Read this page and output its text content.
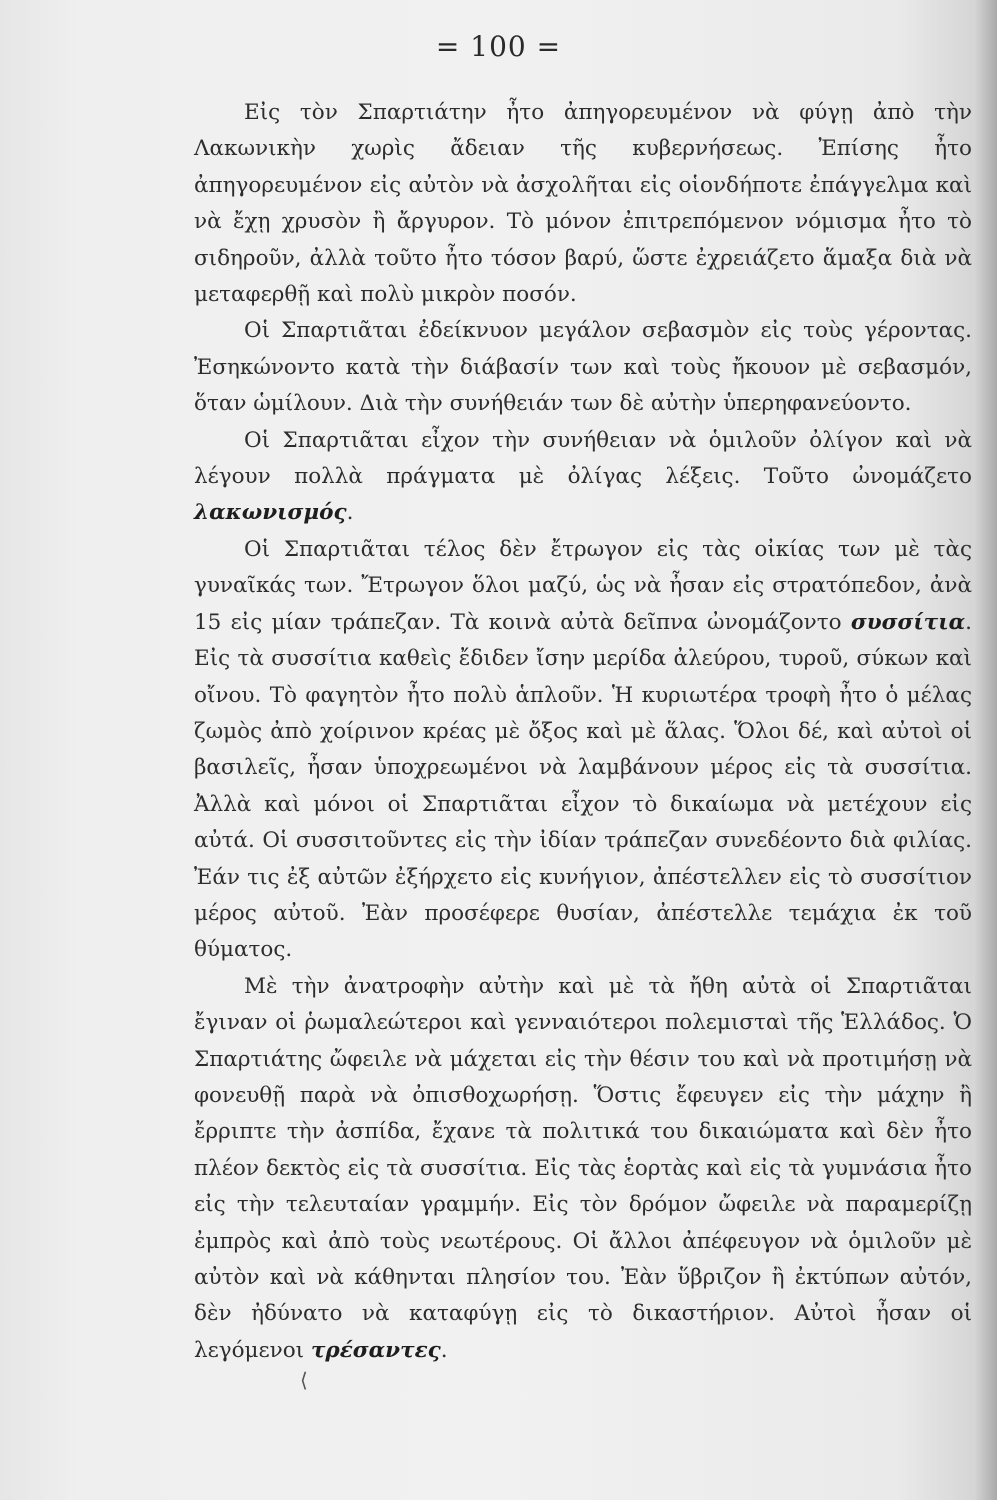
= 100 =

Εἰς τὸν Σπαρτιάτην ἦτο ἀπηγορευμένον νὰ φύγῃ ἀπὸ τὴν Λακωνικὴν χωρὶς ἄδειαν τῆς κυβερνήσεως. Ἐπίσης ἦτο ἀπηγορευμένον εἰς αὐτὸν νὰ ἀσχολῆται εἰς οἱονδήποτε ἐπάγγελμα καὶ νὰ ἔχῃ χρυσὸν ἢ ἄργυρον. Τὸ μόνον ἐπιτρεπόμενον νόμισμα ἦτο τὸ σιδηροῦν, ἀλλὰ τοῦτο ἦτο τόσον βαρύ, ὥστε ἐχρειάζετο ἅμαξα διὰ νὰ μεταφερθῇ καὶ πολὺ μικρὸν ποσόν.

Οἱ Σπαρτιᾶται ἐδείκνυον μεγάλον σεβασμὸν εἰς τοὺς γέροντας. Ἐσηκώνοντο κατὰ τὴν διάβασίν των καὶ τοὺς ἤκουον μὲ σεβασμόν, ὅταν ὡμίλουν. Διὰ τὴν συνήθειάν των δὲ αὐτὴν ὑπερηφανεύοντο.

Οἱ Σπαρτιᾶται εἶχον τὴν συνήθειαν νὰ ὁμιλοῦν ὀλίγον καὶ νὰ λέγουν πολλὰ πράγματα μὲ ὀλίγας λέξεις. Τοῦτο ὠνομάζετο λακωνισμός.

Οἱ Σπαρτιᾶται τέλος δὲν ἔτρωγον εἰς τὰς οἰκίας των μὲ τὰς γυναῖκάς των. Ἔτρωγον ὅλοι μαζύ, ὡς νὰ ἦσαν εἰς στρατόπεδον, ἀνὰ 15 εἰς μίαν τράπεζαν. Τὰ κοινὰ αὐτὰ δεῖπνα ὠνομάζοντο συσσίτια. Εἰς τὰ συσσίτια καθεὶς ἔδιδεν ἴσην μερίδα ἀλεύρου, τυροῦ, σύκων καὶ οἴνου. Τὸ φαγητὸν ἦτο πολὺ ἁπλοῦν. Ἡ κυριωτέρα τροφὴ ἦτο ὁ μέλας ζωμὸς ἀπὸ χοίρινον κρέας μὲ ὄξος καὶ μὲ ἅλας. Ὅλοι δέ, καὶ αὐτοὶ οἱ βασιλεῖς, ἦσαν ὑποχρεωμένοι νὰ λαμβάνουν μέρος εἰς τὰ συσσίτια. Ἀλλὰ καὶ μόνοι οἱ Σπαρτιᾶται εἶχον τὸ δικαίωμα νὰ μετέχουν εἰς αὐτά. Οἱ συσσιτοῦντες εἰς τὴν ἰδίαν τράπεζαν συνεδέοντο διὰ φιλίας. Ἐάν τις ἐξ αὐτῶν ἐξήρχετο εἰς κυνήγιον, ἀπέστελλεν εἰς τὸ συσσίτιον μέρος αὐτοῦ. Ἐὰν προσέφερε θυσίαν, ἀπέστελλε τεμάχια ἐκ τοῦ θύματος.

Μὲ τὴν ἀνατροφὴν αὐτὴν καὶ μὲ τὰ ἤθη αὐτὰ οἱ Σπαρτιᾶται ἔγιναν οἱ ῥωμαλεώτεροι καὶ γενναιότεροι πολεμισταὶ τῆς Ἑλλάδος. Ὁ Σπαρτιάτης ὤφειλε νὰ μάχεται εἰς τὴν θέσιν του καὶ νὰ προτιμήσῃ νὰ φονευθῇ παρὰ νὰ ὀπισθοχωρήσῃ. Ὅστις ἔφευγεν εἰς τὴν μάχην ἢ ἔρριπτε τὴν ἀσπίδα, ἔχανε τὰ πολιτικά του δικαιώματα καὶ δὲν ἦτο πλέον δεκτὸς εἰς τὰ συσσίτια. Εἰς τὰς ἑορτὰς καὶ εἰς τὰ γυμνάσια ἦτο εἰς τὴν τελευταίαν γραμμήν. Εἰς τὸν δρόμον ὤφειλε νὰ παραμερίζῃ ἐμπρὸς καὶ ἀπὸ τοὺς νεωτέρους. Οἱ ἄλλοι ἀπέφευγον νὰ ὁμιλοῦν μὲ αὐτὸν καὶ νὰ κάθηνται πλησίον του. Ἐὰν ὕβριζον ἢ ἐκτύπων αὐτόν, δὲν ἠδύνατο νὰ καταφύγῃ εἰς τὸ δικαστήριον. Αὐτοὶ ἦσαν οἱ λεγόμενοι τρέσαντες.

⟨
